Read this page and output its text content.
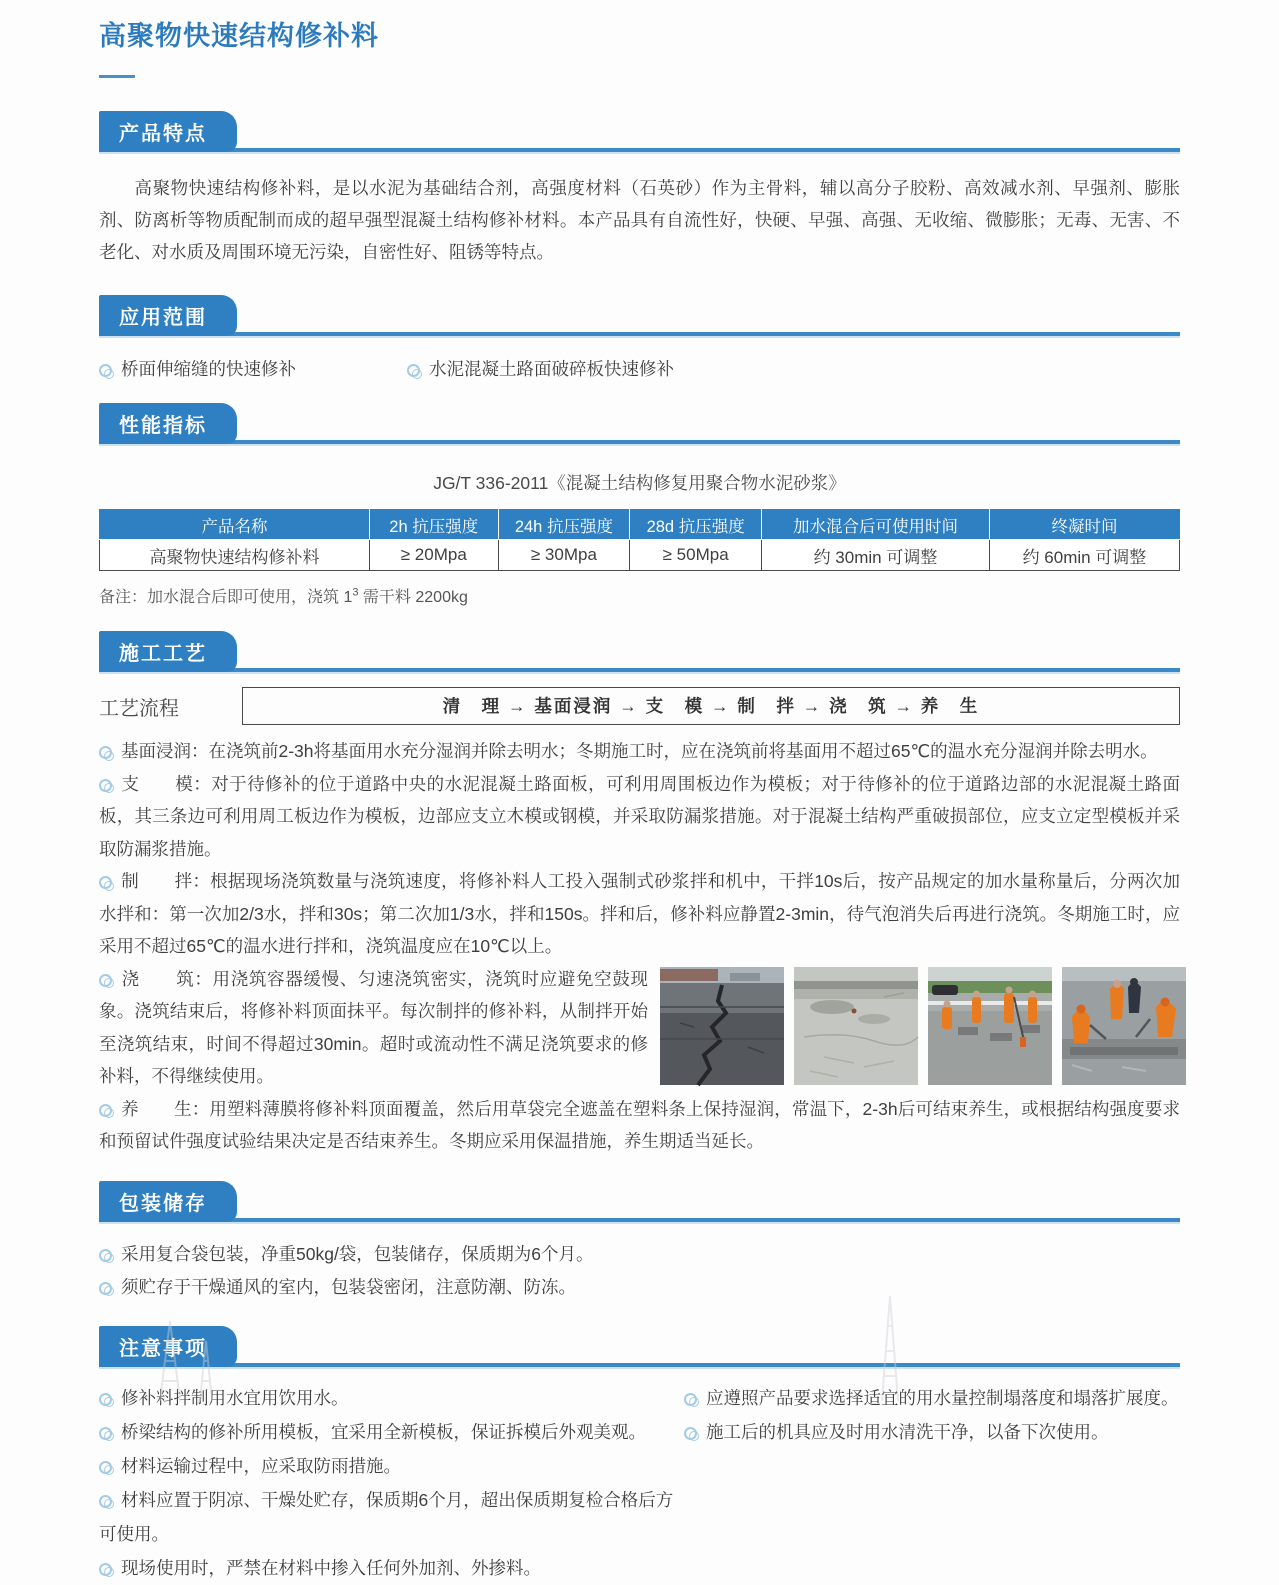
高聚物快速结构修补料
产品特点
高聚物快速结构修补料，是以水泥为基础结合剂，高强度材料（石英砂）作为主骨料，辅以高分子胶粉、高效减水剂、早强剂、膨胀剂、防离析等物质配制而成的超早强型混凝土结构修补材料。本产品具有自流性好，快硬、早强、高强、无收缩、微膨胀；无毒、无害、不老化、对水质及周围环境无污染，自密性好、阻锈等特点。
应用范围
桥面伸缩缝的快速修补	水泥混凝土路面破碎板快速修补
性能指标
JG/T 336-2011《混凝土结构修复用聚合物水泥砂浆》
产品名称	2h 抗压强度	24h 抗压强度	28d 抗压强度	加水混合后可使用时间	终凝时间
高聚物快速结构修补料	≥ 20Mpa	≥ 30Mpa	≥ 50Mpa	约 30min 可调整	约 60min 可调整
备注：加水混合后即可使用，浇筑 $1^3$ 需干料 2200kg
施工工艺
工艺流程	清　理 → 基面浸润 → 支　模 → 制　拌 → 浇　筑 → 养　生
基面浸润：在浇筑前2-3h将基面用水充分湿润并除去明水；冬期施工时，应在浇筑前将基面用不超过65℃的温水充分湿润并除去明水。
支　　模：对于待修补的位于道路中央的水泥混凝土路面板，可利用周围板边作为模板；对于待修补的位于道路边部的水泥混凝土路面板，其三条边可利用周工板边作为模板，边部应支立木模或钢模，并采取防漏浆措施。对于混凝土结构严重破损部位，应支立定型模板并采取防漏浆措施。
制　　拌：根据现场浇筑数量与浇筑速度，将修补料人工投入强制式砂浆拌和机中，干拌10s后，按产品规定的加水量称量后，分两次加水拌和：第一次加2/3水，拌和30s；第二次加1/3水，拌和150s。拌和后，修补料应静置2-3min，待气泡消失后再进行浇筑。冬期施工时，应采用不超过65℃的温水进行拌和，浇筑温度应在10℃以上。
浇　　筑：用浇筑容器缓慢、匀速浇筑密实，浇筑时应避免空鼓现象。浇筑结束后，将修补料顶面抹平。每次制拌的修补料，从制拌开始至浇筑结束，时间不得超过30min。超时或流动性不满足浇筑要求的修补料，不得继续使用。
养　　生：用塑料薄膜将修补料顶面覆盖，然后用草袋完全遮盖在塑料条上保持湿润，常温下，2-3h后可结束养生，或根据结构强度要求和预留试件强度试验结果决定是否结束养生。冬期应采用保温措施，养生期适当延长。
包装储存
采用复合袋包装，净重50kg/袋，包装储存，保质期为6个月。
须贮存于干燥通风的室内，包装袋密闭，注意防潮、防冻。
注意事项
修补料拌制用水宜用饮用水。
桥梁结构的修补所用模板，宜采用全新模板，保证拆模后外观美观。
材料运输过程中，应采取防雨措施。
材料应置于阴凉、干燥处贮存，保质期6个月，超出保质期复检合格后方可使用。
现场使用时，严禁在材料中掺入任何外加剂、外掺料。
应遵照产品要求选择适宜的用水量控制塌落度和塌落扩展度。
施工后的机具应及时用水清洗干净，以备下次使用。
